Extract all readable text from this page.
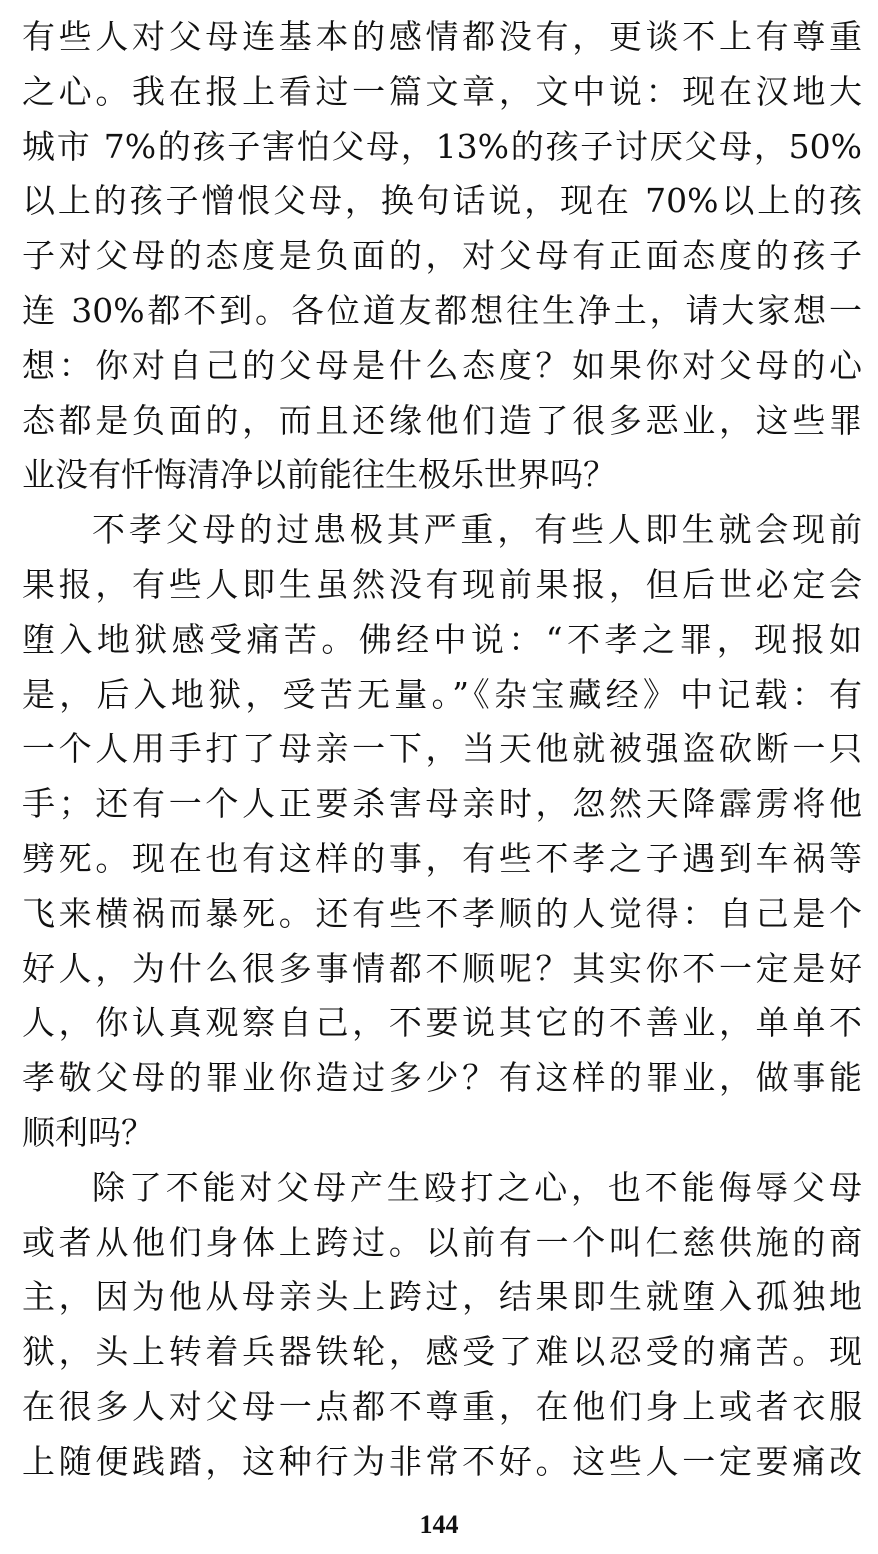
有些人对父母连基本的感情都没有，更谈不上有尊重
之心。我在报上看过一篇文章，文中说：现在汉地大
城市 7%的孩子害怕父母，13%的孩子讨厌父母，50%
以上的孩子憎恨父母，换句话说，现在 70%以上的孩
子对父母的态度是负面的，对父母有正面态度的孩子
连 30%都不到。各位道友都想往生净土，请大家想一
想：你对自己的父母是什么态度？如果你对父母的心
态都是负面的，而且还缘他们造了很多恶业，这些罪
业没有忏悔清净以前能往生极乐世界吗？
不孝父母的过患极其严重，有些人即生就会现前
果报，有些人即生虽然没有现前果报，但后世必定会
堕入地狱感受痛苦。佛经中说：“不孝之罪，现报如
是，后入地狱，受苦无量。”《杂宝藏经》中记载：有
一个人用手打了母亲一下，当天他就被强盗砍断一只
手；还有一个人正要杀害母亲时，忽然天降霹雳将他
劈死。现在也有这样的事，有些不孝之子遇到车祸等
飞来横祸而暴死。还有些不孝顺的人觉得：自己是个
好人，为什么很多事情都不顺呢？其实你不一定是好
人，你认真观察自己，不要说其它的不善业，单单不
孝敬父母的罪业你造过多少？有这样的罪业，做事能
顺利吗？
除了不能对父母产生殴打之心，也不能侮辱父母
或者从他们身体上跨过。以前有一个叫仁慈供施的商
主，因为他从母亲头上跨过，结果即生就堕入孤独地
狱，头上转着兵器铁轮，感受了难以忍受的痛苦。现
在很多人对父母一点都不尊重，在他们身上或者衣服
上随便践踏，这种行为非常不好。这些人一定要痛改
144
